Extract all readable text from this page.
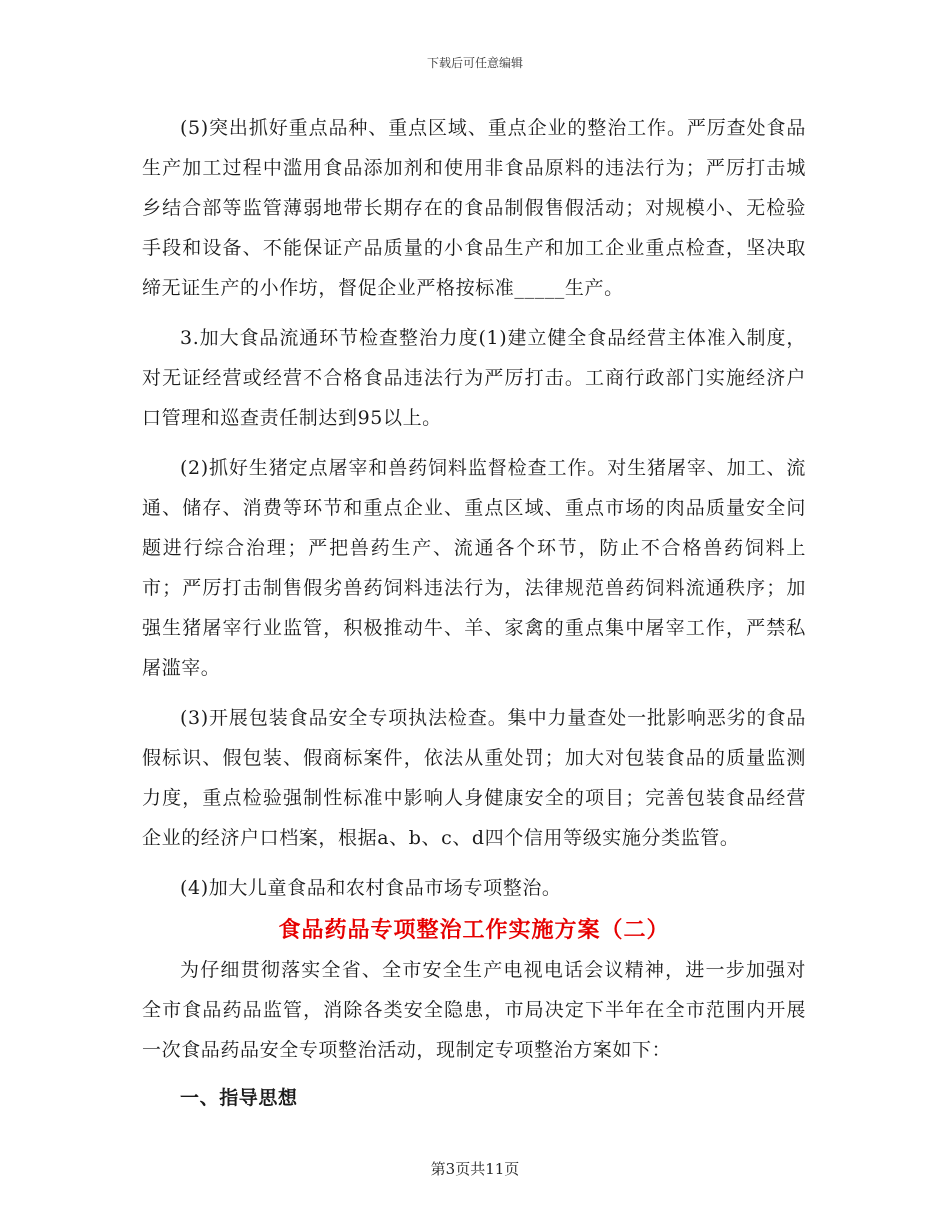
下载后可任意编辑

(5)突出抓好重点品种、重点区域、重点企业的整治工作。严厉查处食品生产加工过程中滥用食品添加剂和使用非食品原料的违法行为；严厉打击城乡结合部等监管薄弱地带长期存在的食品制假售假活动；对规模小、无检验手段和设备、不能保证产品质量的小食品生产和加工企业重点检查，坚决取缔无证生产的小作坊，督促企业严格按标准_____生产。

3.加大食品流通环节检查整治力度(1)建立健全食品经营主体准入制度，对无证经营或经营不合格食品违法行为严厉打击。工商行政部门实施经济户口管理和巡查责任制达到95以上。

(2)抓好生猪定点屠宰和兽药饲料监督检查工作。对生猪屠宰、加工、流通、储存、消费等环节和重点企业、重点区域、重点市场的肉品质量安全问题进行综合治理；严把兽药生产、流通各个环节，防止不合格兽药饲料上市；严厉打击制售假劣兽药饲料违法行为，法律规范兽药饲料流通秩序；加强生猪屠宰行业监管，积极推动牛、羊、家禽的重点集中屠宰工作，严禁私屠滥宰。

(3)开展包装食品安全专项执法检查。集中力量查处一批影响恶劣的食品假标识、假包装、假商标案件，依法从重处罚；加大对包装食品的质量监测力度，重点检验强制性标准中影响人身健康安全的项目；完善包装食品经营企业的经济户口档案，根据a、b、c、d四个信用等级实施分类监管。

(4)加大儿童食品和农村食品市场专项整治。

食品药品专项整治工作实施方案（二）

为仔细贯彻落实全省、全市安全生产电视电话会议精神，进一步加强对全市食品药品监管，消除各类安全隐患，市局决定下半年在全市范围内开展一次食品药品安全专项整治活动，现制定专项整治方案如下：

一、指导思想
第3页共11页
